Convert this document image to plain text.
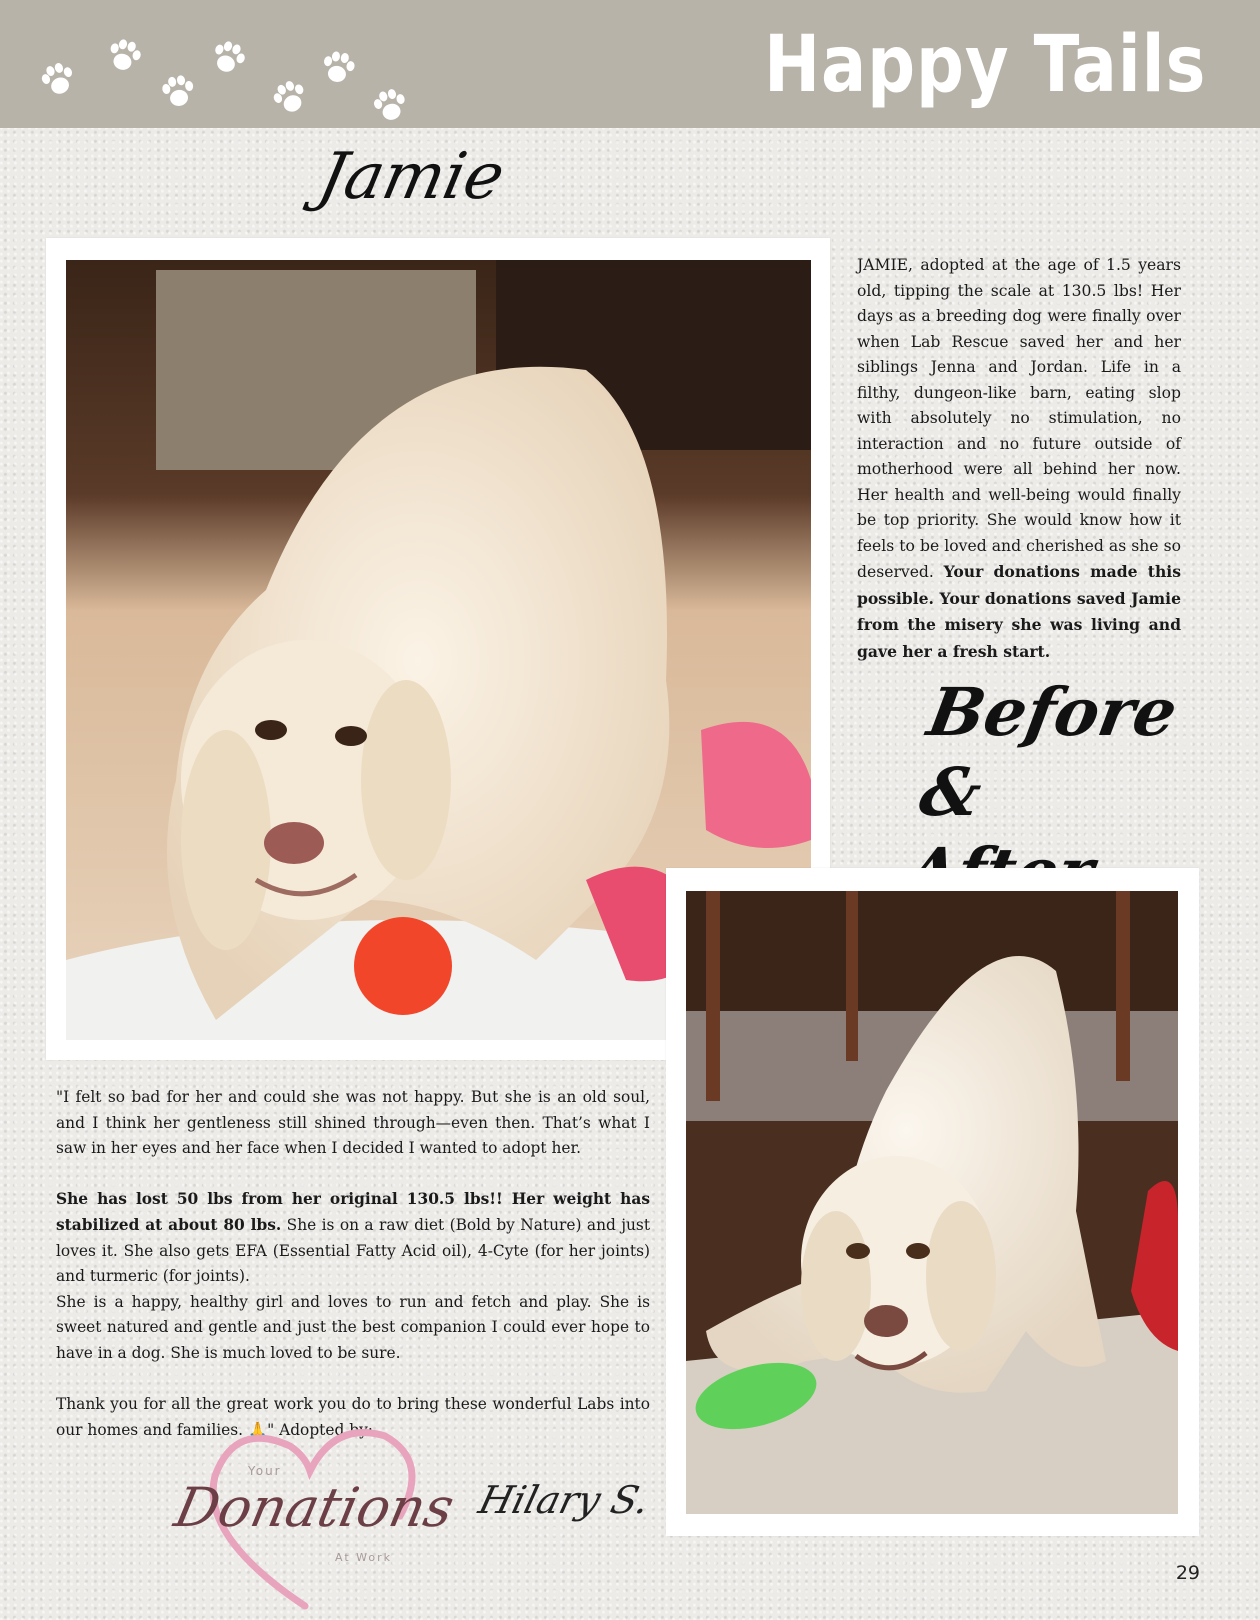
Happy Tails
Jamie
JAMIE, adopted at the age of 1.5 years old, tipping the scale at 130.5 lbs! Her days as a breeding dog were finally over when Lab Rescue saved her and her siblings Jenna and Jordan. Life in a filthy, dungeon-like barn, eating slop with absolutely no stimulation, no interaction and no future outside of motherhood were all behind her now. Her health and well-being would finally be top priority. She would know how it feels to be loved and cherished as she so deserved. Your donations made this possible. Your donations saved Jamie from the misery she was living and gave her a fresh start.
Before
&

"I felt so bad for her and could she was not happy. But she is an old soul, and I think her gentleness still shined through—even then. That’s what I saw in her eyes and her face when I decided I wanted to adopt her.

She has lost 50 lbs from her original 130.5 lbs!! Her weight has stabilized at about 80 lbs. She is on a raw diet (Bold by Nature) and just loves it. She also gets EFA (Essential Fatty Acid oil), 4-Cyte (for her joints) and turmeric (for joints).

She is a happy, healthy girl and loves to run and fetch and play. She is sweet natured and gentle and just the best companion I could ever hope to have in a dog. She is much loved to be sure.

Thank you for all the great work you do to bring these wonderful Labs into our homes and families. 🙏" Adopted by:

Your
Donations
At Work
Hilary S.
29
